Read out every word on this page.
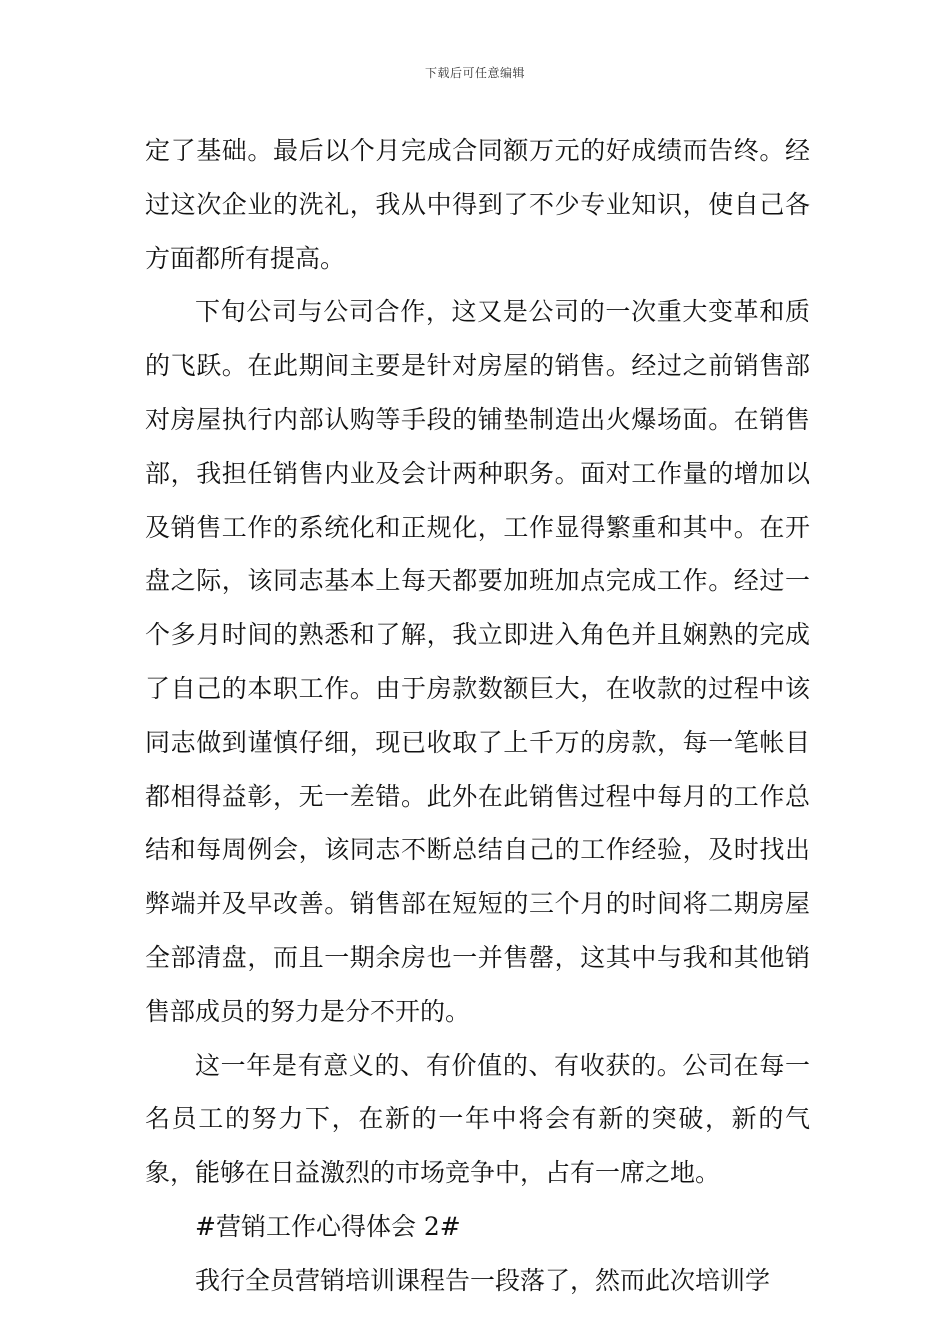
下载后可任意编辑

定了基础。最后以个月完成合同额万元的好成绩而告终。经过这次企业的洗礼，我从中得到了不少专业知识，使自己各方面都所有提高。

下旬公司与公司合作，这又是公司的一次重大变革和质的飞跃。在此期间主要是针对房屋的销售。经过之前销售部对房屋执行内部认购等手段的铺垫制造出火爆场面。在销售部，我担任销售内业及会计两种职务。面对工作量的增加以及销售工作的系统化和正规化，工作显得繁重和其中。在开盘之际，该同志基本上每天都要加班加点完成工作。经过一个多月时间的熟悉和了解，我立即进入角色并且娴熟的完成了自己的本职工作。由于房款数额巨大，在收款的过程中该同志做到谨慎仔细，现已收取了上千万的房款，每一笔帐目都相得益彰，无一差错。此外在此销售过程中每月的工作总结和每周例会，该同志不断总结自己的工作经验，及时找出弊端并及早改善。销售部在短短的三个月的时间将二期房屋全部清盘，而且一期余房也一并售罄，这其中与我和其他销售部成员的努力是分不开的。

这一年是有意义的、有价值的、有收获的。公司在每一名员工的努力下，在新的一年中将会有新的突破，新的气象，能够在日益激烈的市场竞争中，占有一席之地。

#营销工作心得体会 2#

我行全员营销培训课程告一段落了，然而此次培训学
